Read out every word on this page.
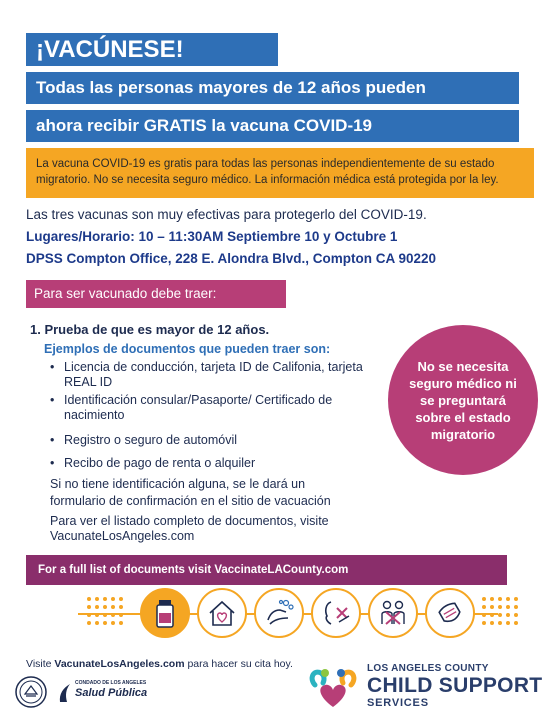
¡VACÚNESE!
Todas las personas mayores de 12 años pueden
ahora recibir GRATIS la vacuna COVID-19
La vacuna COVID-19 es gratis para todas las personas independientemente de su estado migratorio. No se necesita seguro médico. La información médica está protegida por la ley.
Las tres vacunas son muy efectivas para protegerlo del COVID-19.
Lugares/Horario: 10 – 11:30AM Septiembre 10 y Octubre 1
DPSS Compton Office, 228 E. Alondra Blvd., Compton CA 90220
Para ser vacunado debe traer:
1. Prueba de que es mayor de 12 años.
Ejemplos de documentos que pueden traer son:
• Licencia de conducción, tarjeta ID de Califonia, tarjeta REAL ID
• Identificación consular/Pasaporte/ Certificado de nacimiento
• Registro o seguro de automóvil
• Recibo de pago de renta o alquiler
Si no tiene identificación alguna, se le dará un formulario de confirmación en el sitio de vacuación
Para ver el listado completo de documentos, visite VacunateLosAngeles.com
No se necesita seguro médico ni se preguntará sobre el estado migratorio
For a full list of documents visit VaccinateLACounty.com
Visite VacunateLosAngeles.com para hacer su cita hoy.
CONDADO DE LOS ANGELES
Salud Pública
LOS ANGELES COUNTY
CHILD SUPPORT
SERVICES
